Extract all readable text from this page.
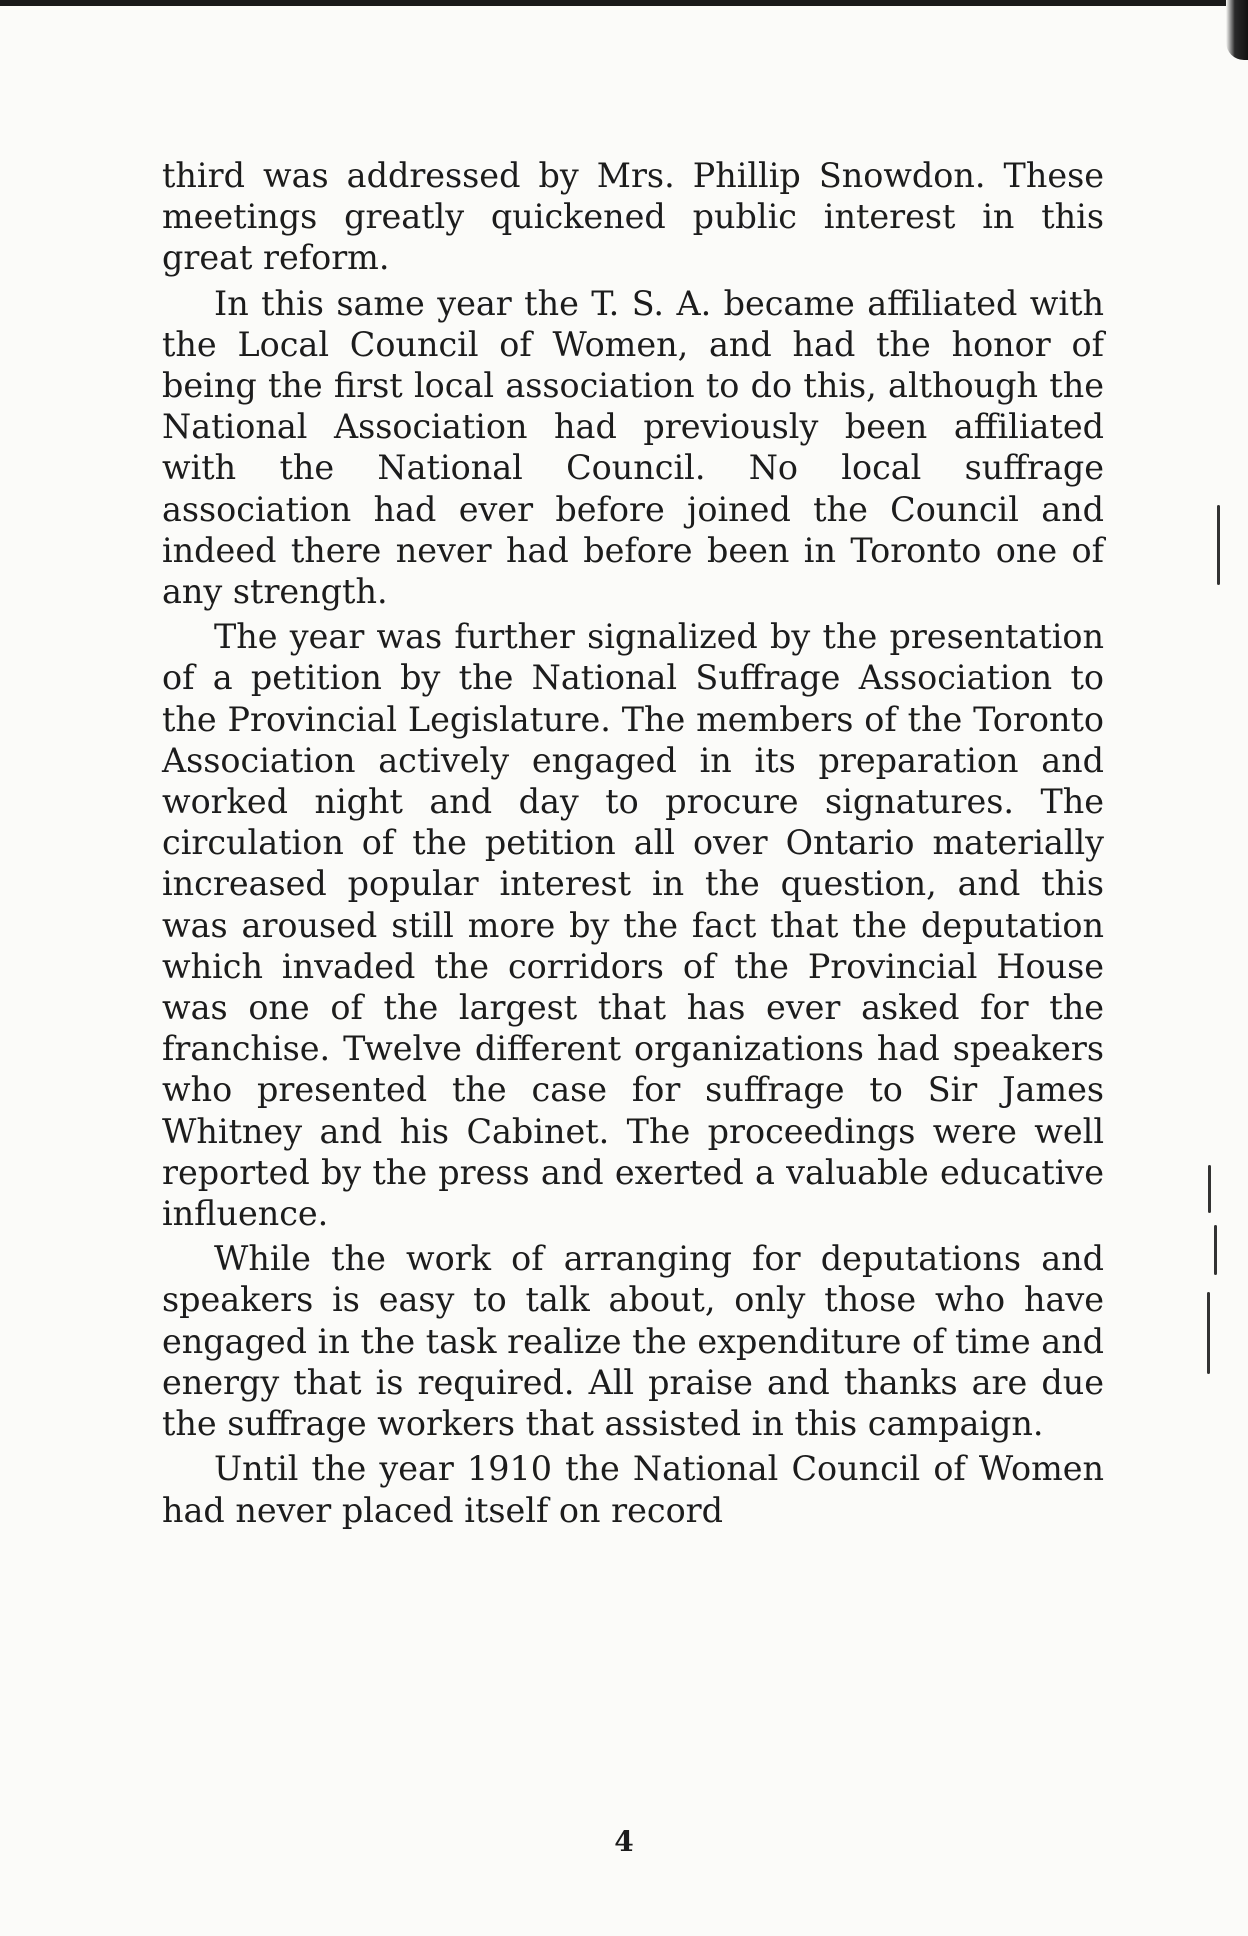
third was addressed by Mrs. Phillip Snowdon. These meetings greatly quickened public interest in this great reform.

In this same year the T. S. A. became affiliated with the Local Council of Women, and had the honor of being the first local association to do this, although the National Association had previously been affiliated with the National Council. No local suffrage association had ever before joined the Council and indeed there never had before been in Toronto one of any strength.

The year was further signalized by the presentation of a petition by the National Suffrage Association to the Provincial Legislature. The members of the Toronto Association actively engaged in its preparation and worked night and day to procure signatures. The circulation of the petition all over Ontario materially increased popular interest in the question, and this was aroused still more by the fact that the deputation which invaded the corridors of the Provincial House was one of the largest that has ever asked for the franchise. Twelve different organizations had speakers who presented the case for suffrage to Sir James Whitney and his Cabinet. The proceedings were well reported by the press and exerted a valuable educative influence.

While the work of arranging for deputations and speakers is easy to talk about, only those who have engaged in the task realize the expenditure of time and energy that is required. All praise and thanks are due the suffrage workers that assisted in this campaign.

Until the year 1910 the National Council of Women had never placed itself on record

4
